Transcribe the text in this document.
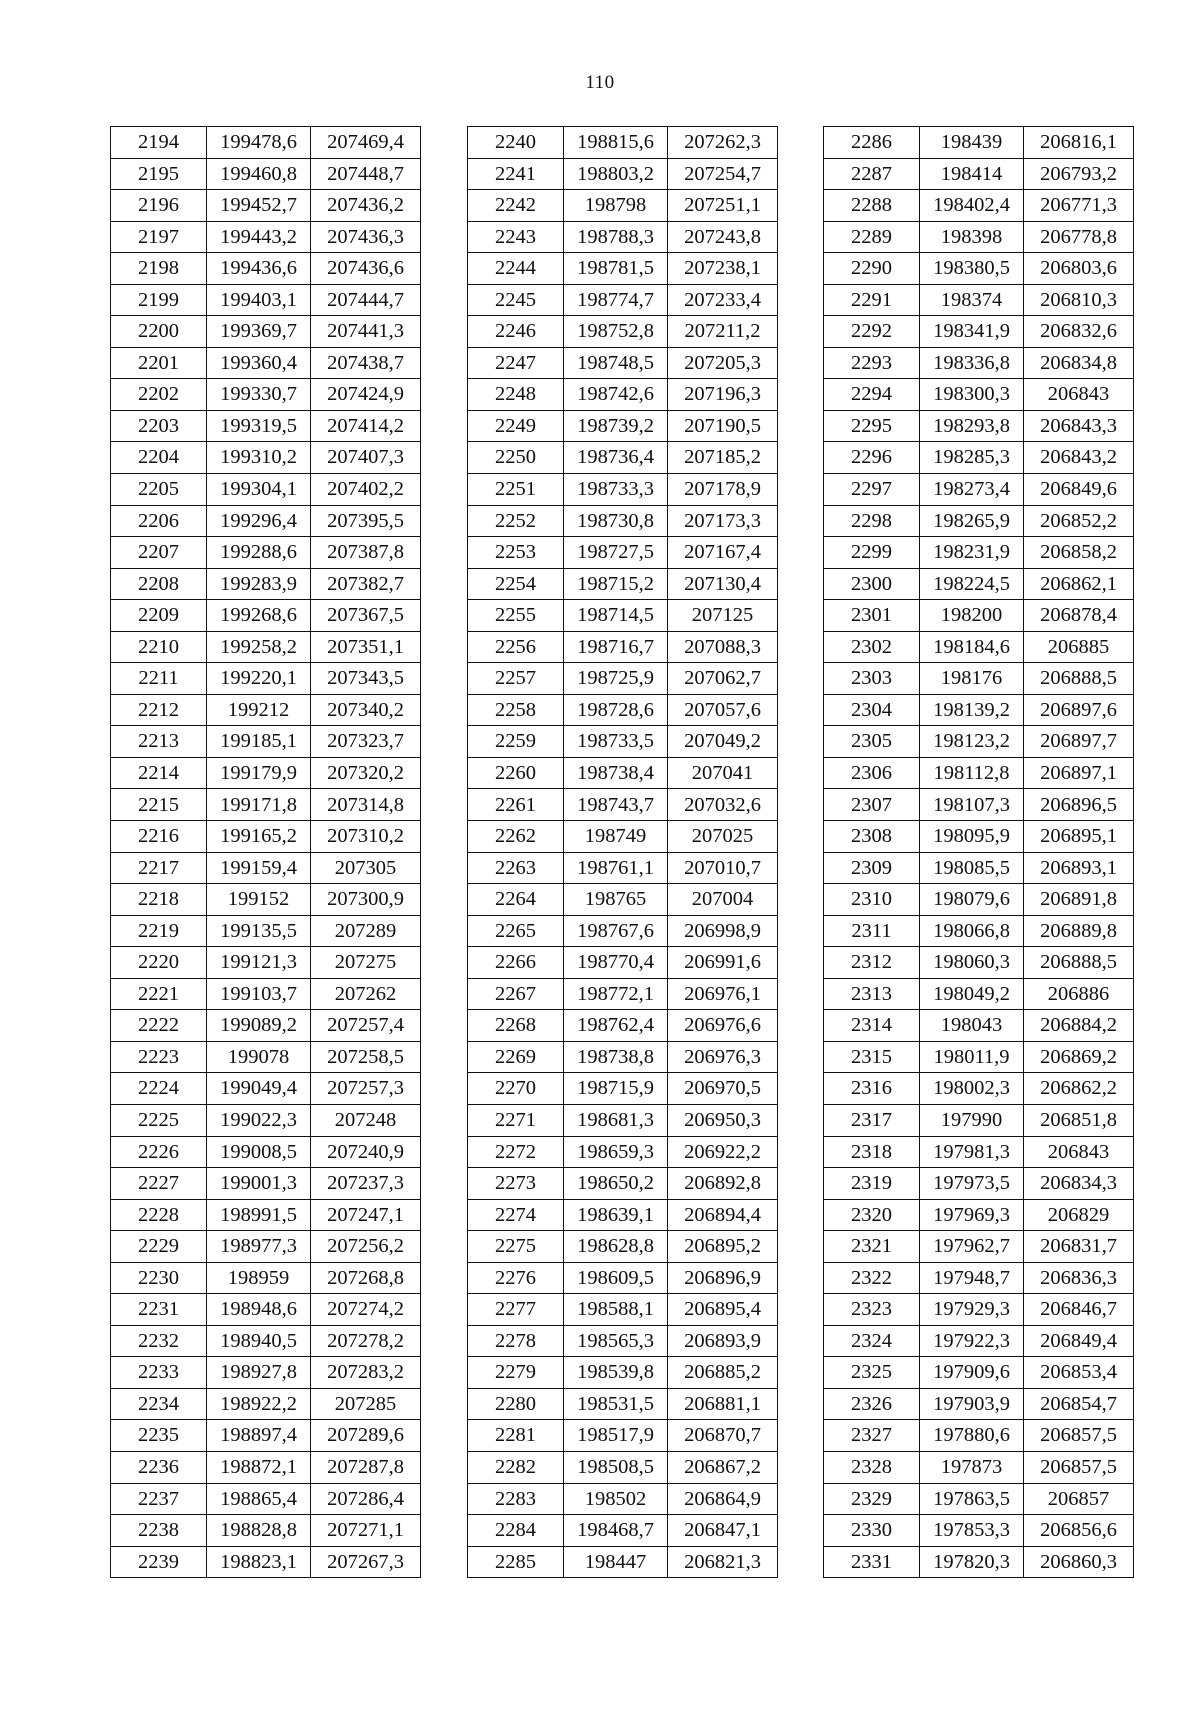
110
2194	199478,6	207469,4
2195	199460,8	207448,7
2196	199452,7	207436,2
2197	199443,2	207436,3
2198	199436,6	207436,6
2199	199403,1	207444,7
2200	199369,7	207441,3
2201	199360,4	207438,7
2202	199330,7	207424,9
2203	199319,5	207414,2
2204	199310,2	207407,3
2205	199304,1	207402,2
2206	199296,4	207395,5
2207	199288,6	207387,8
2208	199283,9	207382,7
2209	199268,6	207367,5
2210	199258,2	207351,1
2211	199220,1	207343,5
2212	199212	207340,2
2213	199185,1	207323,7
2214	199179,9	207320,2
2215	199171,8	207314,8
2216	199165,2	207310,2
2217	199159,4	207305
2218	199152	207300,9
2219	199135,5	207289
2220	199121,3	207275
2221	199103,7	207262
2222	199089,2	207257,4
2223	199078	207258,5
2224	199049,4	207257,3
2225	199022,3	207248
2226	199008,5	207240,9
2227	199001,3	207237,3
2228	198991,5	207247,1
2229	198977,3	207256,2
2230	198959	207268,8
2231	198948,6	207274,2
2232	198940,5	207278,2
2233	198927,8	207283,2
2234	198922,2	207285
2235	198897,4	207289,6
2236	198872,1	207287,8
2237	198865,4	207286,4
2238	198828,8	207271,1
2239	198823,1	207267,3
2240	198815,6	207262,3
2241	198803,2	207254,7
2242	198798	207251,1
2243	198788,3	207243,8
2244	198781,5	207238,1
2245	198774,7	207233,4
2246	198752,8	207211,2
2247	198748,5	207205,3
2248	198742,6	207196,3
2249	198739,2	207190,5
2250	198736,4	207185,2
2251	198733,3	207178,9
2252	198730,8	207173,3
2253	198727,5	207167,4
2254	198715,2	207130,4
2255	198714,5	207125
2256	198716,7	207088,3
2257	198725,9	207062,7
2258	198728,6	207057,6
2259	198733,5	207049,2
2260	198738,4	207041
2261	198743,7	207032,6
2262	198749	207025
2263	198761,1	207010,7
2264	198765	207004
2265	198767,6	206998,9
2266	198770,4	206991,6
2267	198772,1	206976,1
2268	198762,4	206976,6
2269	198738,8	206976,3
2270	198715,9	206970,5
2271	198681,3	206950,3
2272	198659,3	206922,2
2273	198650,2	206892,8
2274	198639,1	206894,4
2275	198628,8	206895,2
2276	198609,5	206896,9
2277	198588,1	206895,4
2278	198565,3	206893,9
2279	198539,8	206885,2
2280	198531,5	206881,1
2281	198517,9	206870,7
2282	198508,5	206867,2
2283	198502	206864,9
2284	198468,7	206847,1
2285	198447	206821,3
2286	198439	206816,1
2287	198414	206793,2
2288	198402,4	206771,3
2289	198398	206778,8
2290	198380,5	206803,6
2291	198374	206810,3
2292	198341,9	206832,6
2293	198336,8	206834,8
2294	198300,3	206843
2295	198293,8	206843,3
2296	198285,3	206843,2
2297	198273,4	206849,6
2298	198265,9	206852,2
2299	198231,9	206858,2
2300	198224,5	206862,1
2301	198200	206878,4
2302	198184,6	206885
2303	198176	206888,5
2304	198139,2	206897,6
2305	198123,2	206897,7
2306	198112,8	206897,1
2307	198107,3	206896,5
2308	198095,9	206895,1
2309	198085,5	206893,1
2310	198079,6	206891,8
2311	198066,8	206889,8
2312	198060,3	206888,5
2313	198049,2	206886
2314	198043	206884,2
2315	198011,9	206869,2
2316	198002,3	206862,2
2317	197990	206851,8
2318	197981,3	206843
2319	197973,5	206834,3
2320	197969,3	206829
2321	197962,7	206831,7
2322	197948,7	206836,3
2323	197929,3	206846,7
2324	197922,3	206849,4
2325	197909,6	206853,4
2326	197903,9	206854,7
2327	197880,6	206857,5
2328	197873	206857,5
2329	197863,5	206857
2330	197853,3	206856,6
2331	197820,3	206860,3
